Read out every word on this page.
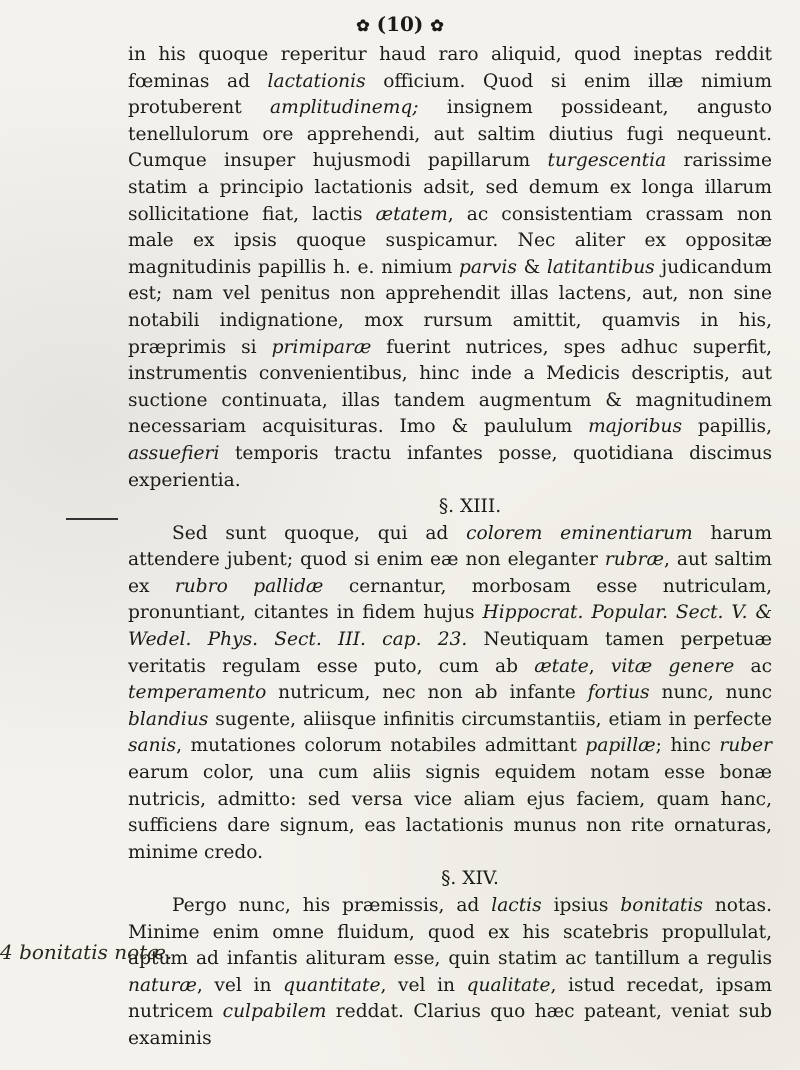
✿ (10) ✿

in his quoque reperitur haud raro aliquid, quod ineptas reddit fœminas ad lactationis officium. Quod si enim illæ nimium protuberent amplitudinemq; insignem possideant, angusto tenellulorum ore apprehendi, aut saltim diutius fugi nequeunt. Cumque insuper hujusmodi papillarum turgescentia rarissime statim a principio lactationis adsit, sed demum ex longa illarum sollicitatione fiat, lactis ætatem, ac consistentiam crassam non male ex ipsis quoque suspicamur. Nec aliter ex oppositæ magnitudinis papillis h. e. nimium parvis & latitantibus judicandum est; nam vel penitus non apprehendit illas lactens, aut, non sine notabili indignatione, mox rursum amittit, quamvis in his, præprimis si primiparæ fuerint nutrices, spes adhuc superfit, instrumentis convenientibus, hinc inde a Medicis descriptis, aut suctione continuata, illas tandem augmentum & magnitudinem necessariam acquisituras. Imo & paululum majoribus papillis, assuefieri temporis tractu infantes posse, quotidiana discimus experientia.

§. XIII.

Sed sunt quoque, qui ad colorem eminentiarum harum attendere jubent; quod si enim eæ non eleganter rubræ, aut saltim ex rubro pallidæ cernantur, morbosam esse nutriculam, pronuntiant, citantes in fidem hujus Hippocrat. Popular. Sect. V. & Wedel. Phys. Sect. III. cap. 23. Neutiquam tamen perpetuæ veritatis regulam esse puto, cum ab ætate, vitæ genere ac temperamento nutricum, nec non ab infante fortius nunc, nunc blandius sugente, aliisque infinitis circumstantiis, etiam in perfecte sanis, mutationes colorum notabiles admittant papillæ; hinc ruber earum color, una cum aliis signis equidem notam esse bonæ nutricis, admitto: sed versa vice aliam ejus faciem, quam hanc, sufficiens dare signum, eas lactationis munus non rite ornaturas, minime credo.

§. XIV.

Pergo nunc, his præmissis, ad lactis ipsius bonitatis notas. Minime enim omne fluidum, quod ex his scatebris propullulat, aptum ad infantis alituram esse, quin statim ac tantillum a regulis naturæ, vel in quantitate, vel in qualitate, istud recedat, ipsam nutricem culpabilem reddat. Clarius quo hæc pateant, veniat sub examinis

4 bonitatis notæ.
